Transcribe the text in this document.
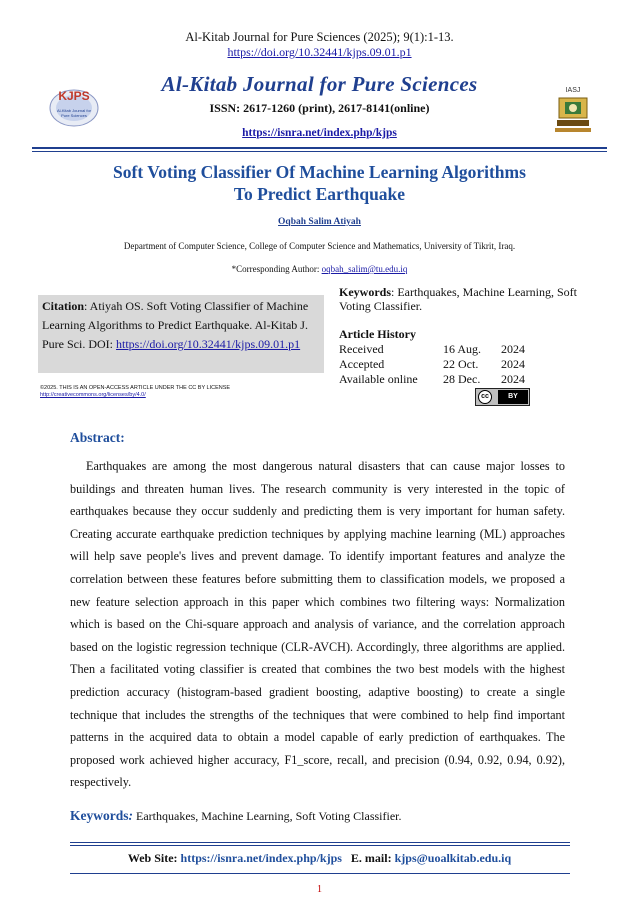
Al-Kitab Journal for Pure Sciences (2025); 9(1):1-13.
https://doi.org/10.32441/kjps.09.01.p1
KJPS
Al-Kitab Journal for
Pure Sciences
IASJ
Al-Kitab Journal for Pure Sciences
ISSN: 2617-1260 (print), 2617-8141(online)
https://isnra.net/index.php/kjps
Soft Voting Classifier Of Machine Learning Algorithms
To Predict Earthquake
Oqbah Salim Atiyah
Department of Computer Science, College of Computer Science and Mathematics, University of Tikrit, Iraq.
*Corresponding Author: oqbah_salim@tu.edu.iq
Citation: Atiyah OS. Soft Voting Classifier of Machine Learning Algorithms to Predict Earthquake. Al-Kitab J. Pure Sci. DOI: https://doi.org/10.32441/kjps.09.01.p1
Keywords: Earthquakes, Machine Learning, Soft Voting Classifier.
Article History
Received	16 Aug. 2024
Accepted	22 Oct. 2024
Available online 28 Dec. 2024
©2025. THIS IS AN OPEN-ACCESS ARTICLE UNDER THE CC BY LICENSE
http://creativecommons.org/licenses/by/4.0/	cc	BY
Abstract:
Earthquakes are among the most dangerous natural disasters that can cause major losses to buildings and threaten human lives. The research community is very interested in the topic of earthquakes because they occur suddenly and predicting them is very important for human safety. Creating accurate earthquake prediction techniques by applying machine learning (ML) approaches will help save people's lives and prevent damage. To identify important features and analyze the correlation between these features before submitting them to classification models, we proposed a new feature selection approach in this paper which combines two filtering ways: Normalization which is based on the Chi-square approach and analysis of variance, and the correlation approach based on the logistic regression technique (CLR-AVCH). Accordingly, three algorithms are applied. Then a facilitated voting classifier is created that combines the two best models with the highest prediction accuracy (histogram-based gradient boosting, adaptive boosting) to create a single technique that includes the strengths of the techniques that were combined to help find important patterns in the acquired data to obtain a model capable of early prediction of earthquakes. The proposed work achieved higher accuracy, F1_score, recall, and precision (0.94, 0.92, 0.94, 0.92), respectively.
Keywords: Earthquakes, Machine Learning, Soft Voting Classifier.
Web Site: https://isnra.net/index.php/kjps E. mail: kjps@uoalkitab.edu.iq
1
